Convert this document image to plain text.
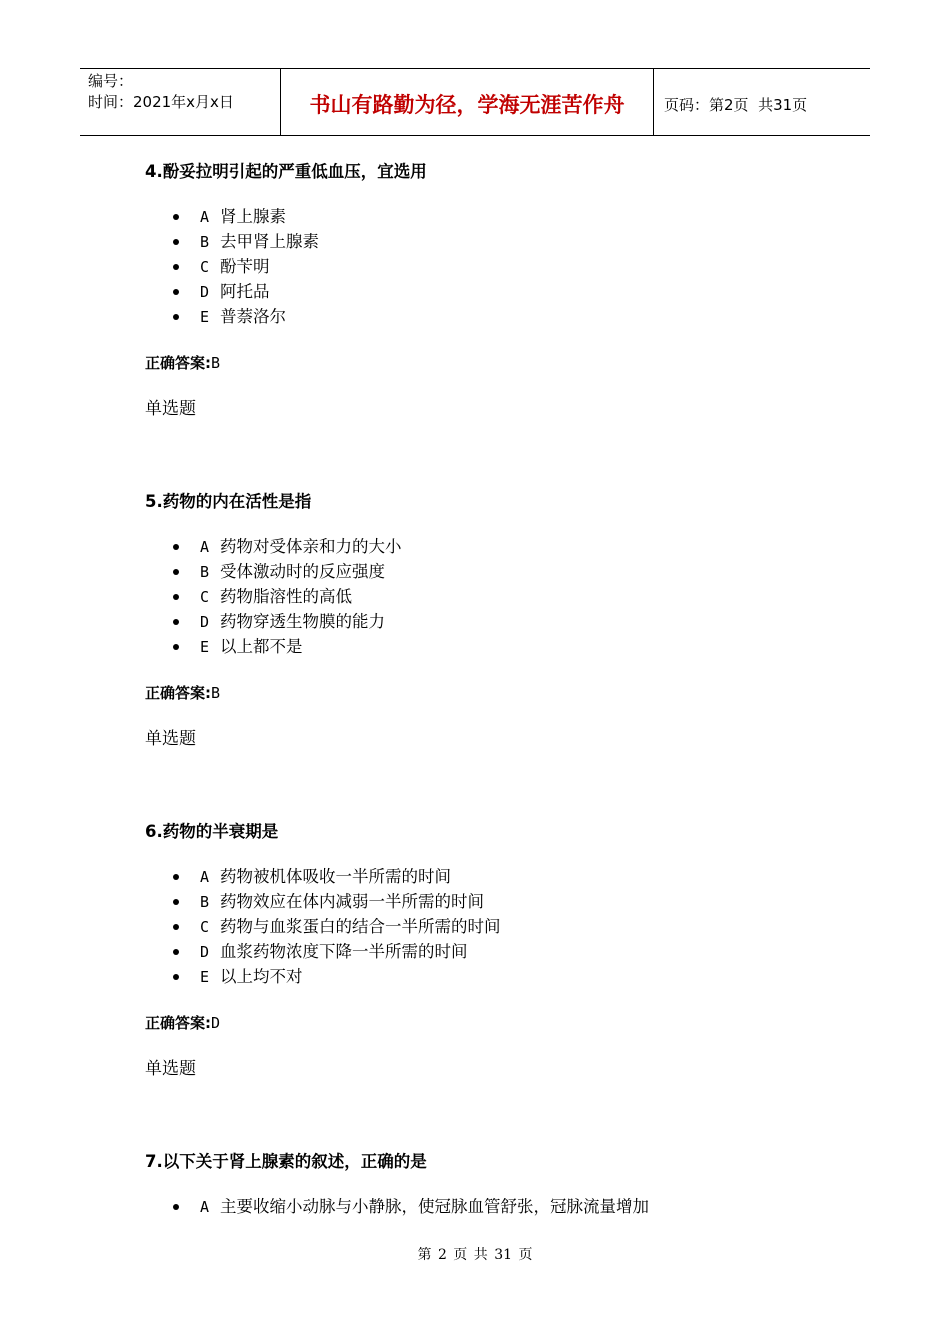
编号：
时间：2021年x月x日	书山有路勤为径，学海无涯苦作舟	页码：第2页  共31页

4.酚妥拉明引起的严重低血压，宜选用

A 肾上腺素
B 去甲肾上腺素
C 酚苄明
D 阿托品
E 普萘洛尔
正确答案:B
单选题

5.药物的内在活性是指

A 药物对受体亲和力的大小
B 受体激动时的反应强度
C 药物脂溶性的高低
D 药物穿透生物膜的能力
E 以上都不是
正确答案:B
单选题

6.药物的半衰期是

A 药物被机体吸收一半所需的时间
B 药物效应在体内减弱一半所需的时间
C 药物与血浆蛋白的结合一半所需的时间
D 血浆药物浓度下降一半所需的时间
E 以上均不对
正确答案:D
单选题

7.以下关于肾上腺素的叙述，正确的是

A 主要收缩小动脉与小静脉，使冠脉血管舒张，冠脉流量增加
第 2 页 共 31 页
